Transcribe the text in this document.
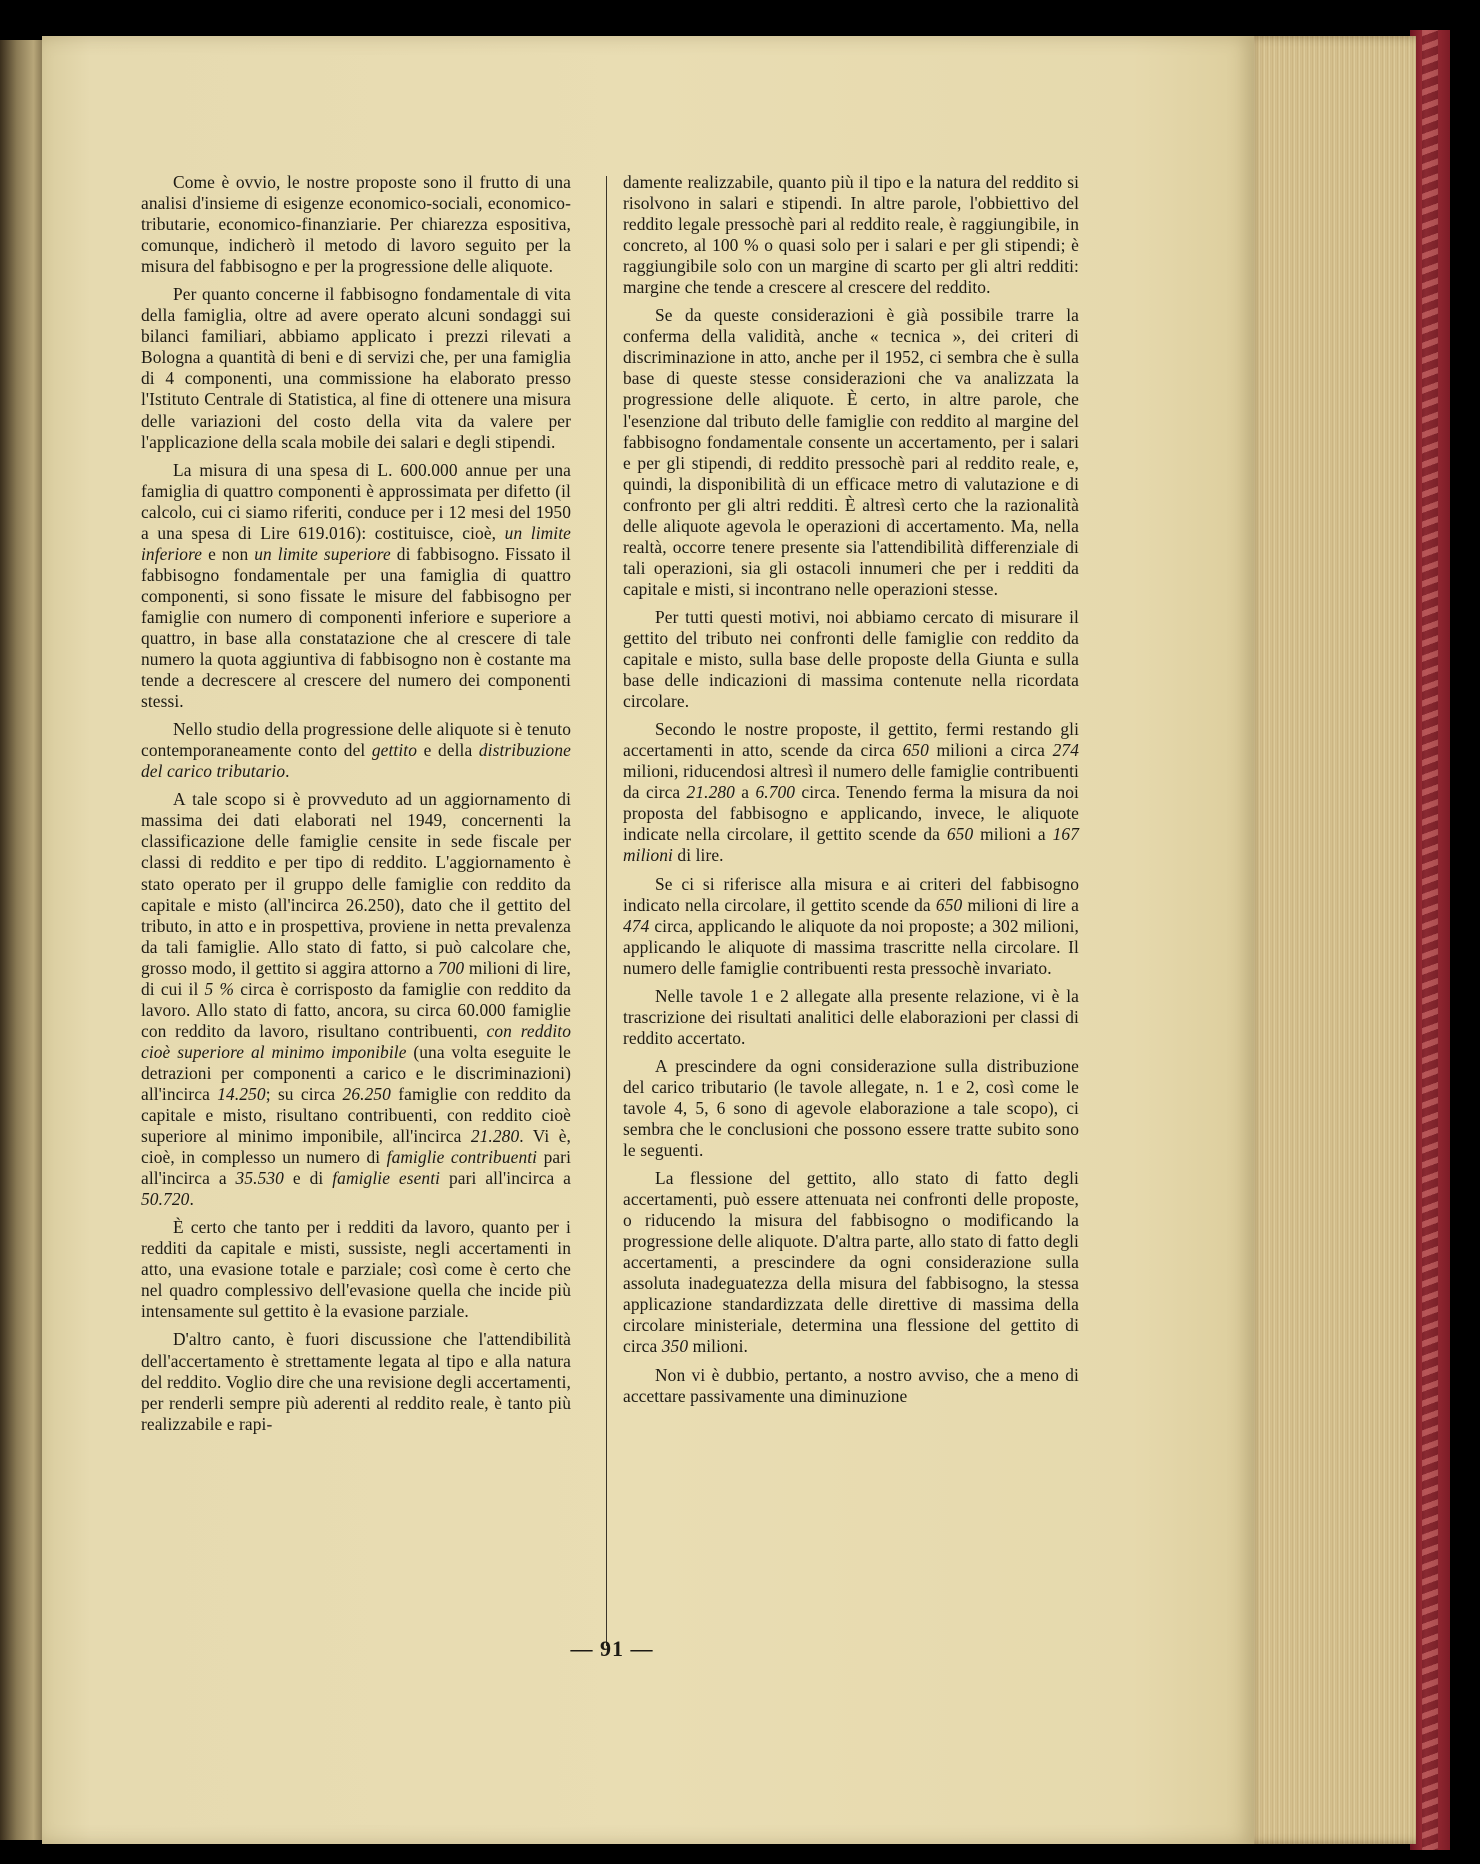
Come è ovvio, le nostre proposte sono il frutto di una analisi d'insieme di esigenze economico-sociali, economico-tributarie, economico-finanziarie. Per chiarezza espositiva, comunque, indicherò il metodo di lavoro seguito per la misura del fabbisogno e per la progressione delle aliquote.

Per quanto concerne il fabbisogno fondamentale di vita della famiglia, oltre ad avere operato alcuni sondaggi sui bilanci familiari, abbiamo applicato i prezzi rilevati a Bologna a quantità di beni e di servizi che, per una famiglia di 4 componenti, una commissione ha elaborato presso l'Istituto Centrale di Statistica, al fine di ottenere una misura delle variazioni del costo della vita da valere per l'applicazione della scala mobile dei salari e degli stipendi.

La misura di una spesa di L. 600.000 annue per una famiglia di quattro componenti è approssimata per difetto (il calcolo, cui ci siamo riferiti, conduce per i 12 mesi del 1950 a una spesa di Lire 619.016): costituisce, cioè, un limite inferiore e non un limite superiore di fabbisogno. Fissato il fabbisogno fondamentale per una famiglia di quattro componenti, si sono fissate le misure del fabbisogno per famiglie con numero di componenti inferiore e superiore a quattro, in base alla constatazione che al crescere di tale numero la quota aggiuntiva di fabbisogno non è costante ma tende a decrescere al crescere del numero dei componenti stessi.

Nello studio della progressione delle aliquote si è tenuto contemporaneamente conto del gettito e della distribuzione del carico tributario.

A tale scopo si è provveduto ad un aggiornamento di massima dei dati elaborati nel 1949, concernenti la classificazione delle famiglie censite in sede fiscale per classi di reddito e per tipo di reddito. L'aggiornamento è stato operato per il gruppo delle famiglie con reddito da capitale e misto (all'incirca 26.250), dato che il gettito del tributo, in atto e in prospettiva, proviene in netta prevalenza da tali famiglie. Allo stato di fatto, si può calcolare che, grosso modo, il gettito si aggira attorno a 700 milioni di lire, di cui il 5 % circa è corrisposto da famiglie con reddito da lavoro. Allo stato di fatto, ancora, su circa 60.000 famiglie con reddito da lavoro, risultano contribuenti, con reddito cioè superiore al minimo imponibile (una volta eseguite le detrazioni per componenti a carico e le discriminazioni) all'incirca 14.250; su circa 26.250 famiglie con reddito da capitale e misto, risultano contribuenti, con reddito cioè superiore al minimo imponibile, all'incirca 21.280. Vi è, cioè, in complesso un numero di famiglie contribuenti pari all'incirca a 35.530 e di famiglie esenti pari all'incirca a 50.720.

È certo che tanto per i redditi da lavoro, quanto per i redditi da capitale e misti, sussiste, negli accertamenti in atto, una evasione totale e parziale; così come è certo che nel quadro complessivo dell'evasione quella che incide più intensamente sul gettito è la evasione parziale.

D'altro canto, è fuori discussione che l'attendibilità dell'accertamento è strettamente legata al tipo e alla natura del reddito. Voglio dire che una revisione degli accertamenti, per renderli sempre più aderenti al reddito reale, è tanto più realizzabile e rapi-

damente realizzabile, quanto più il tipo e la natura del reddito si risolvono in salari e stipendi. In altre parole, l'obbiettivo del reddito legale pressochè pari al reddito reale, è raggiungibile, in concreto, al 100 % o quasi solo per i salari e per gli stipendi; è raggiungibile solo con un margine di scarto per gli altri redditi: margine che tende a crescere al crescere del reddito.

Se da queste considerazioni è già possibile trarre la conferma della validità, anche « tecnica », dei criteri di discriminazione in atto, anche per il 1952, ci sembra che è sulla base di queste stesse considerazioni che va analizzata la progressione delle aliquote. È certo, in altre parole, che l'esenzione dal tributo delle famiglie con reddito al margine del fabbisogno fondamentale consente un accertamento, per i salari e per gli stipendi, di reddito pressochè pari al reddito reale, e, quindi, la disponibilità di un efficace metro di valutazione e di confronto per gli altri redditi. È altresì certo che la razionalità delle aliquote agevola le operazioni di accertamento. Ma, nella realtà, occorre tenere presente sia l'attendibilità differenziale di tali operazioni, sia gli ostacoli innumeri che per i redditi da capitale e misti, si incontrano nelle operazioni stesse.

Per tutti questi motivi, noi abbiamo cercato di misurare il gettito del tributo nei confronti delle famiglie con reddito da capitale e misto, sulla base delle proposte della Giunta e sulla base delle indicazioni di massima contenute nella ricordata circolare.

Secondo le nostre proposte, il gettito, fermi restando gli accertamenti in atto, scende da circa 650 milioni a circa 274 milioni, riducendosi altresì il numero delle famiglie contribuenti da circa 21.280 a 6.700 circa. Tenendo ferma la misura da noi proposta del fabbisogno e applicando, invece, le aliquote indicate nella circolare, il gettito scende da 650 milioni a 167 milioni di lire.

Se ci si riferisce alla misura e ai criteri del fabbisogno indicato nella circolare, il gettito scende da 650 milioni di lire a 474 circa, applicando le aliquote da noi proposte; a 302 milioni, applicando le aliquote di massima trascritte nella circolare. Il numero delle famiglie contribuenti resta pressochè invariato.

Nelle tavole 1 e 2 allegate alla presente relazione, vi è la trascrizione dei risultati analitici delle elaborazioni per classi di reddito accertato.

A prescindere da ogni considerazione sulla distribuzione del carico tributario (le tavole allegate, n. 1 e 2, così come le tavole 4, 5, 6 sono di agevole elaborazione a tale scopo), ci sembra che le conclusioni che possono essere tratte subito sono le seguenti.

La flessione del gettito, allo stato di fatto degli accertamenti, può essere attenuata nei confronti delle proposte, o riducendo la misura del fabbisogno o modificando la progressione delle aliquote. D'altra parte, allo stato di fatto degli accertamenti, a prescindere da ogni considerazione sulla assoluta inadeguatezza della misura del fabbisogno, la stessa applicazione standardizzata delle direttive di massima della circolare ministeriale, determina una flessione del gettito di circa 350 milioni.

Non vi è dubbio, pertanto, a nostro avviso, che a meno di accettare passivamente una diminuzione

— 91 —
